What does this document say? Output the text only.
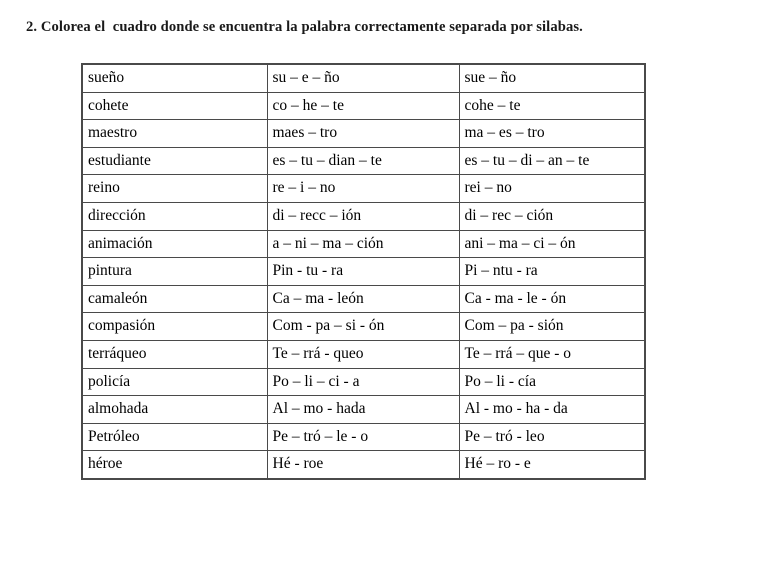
2. Colorea el  cuadro donde se encuentra la palabra correctamente separada por silabas.
sueño	su – e – ño	sue – ño
cohete	co – he – te	cohe – te
maestro	maes – tro	ma – es – tro
estudiante	es – tu – dian – te	es – tu – di – an – te
reino	re – i – no	rei – no
dirección	di – recc – ión	di – rec – ción
animación	a – ni – ma – ción	ani – ma – ci – ón
pintura	Pin - tu - ra	Pi – ntu - ra
camaleón	Ca – ma - león	Ca - ma - le - ón
compasión	Com - pa – si - ón	Com – pa - sión
terráqueo	Te – rrá - queo	Te – rrá – que - o
policía	Po – li – ci - a	Po – li - cía
almohada	Al – mo - hada	Al - mo - ha - da
Petróleo	Pe – tró – le - o	Pe – tró - leo
héroe	Hé - roe	Hé – ro - e
